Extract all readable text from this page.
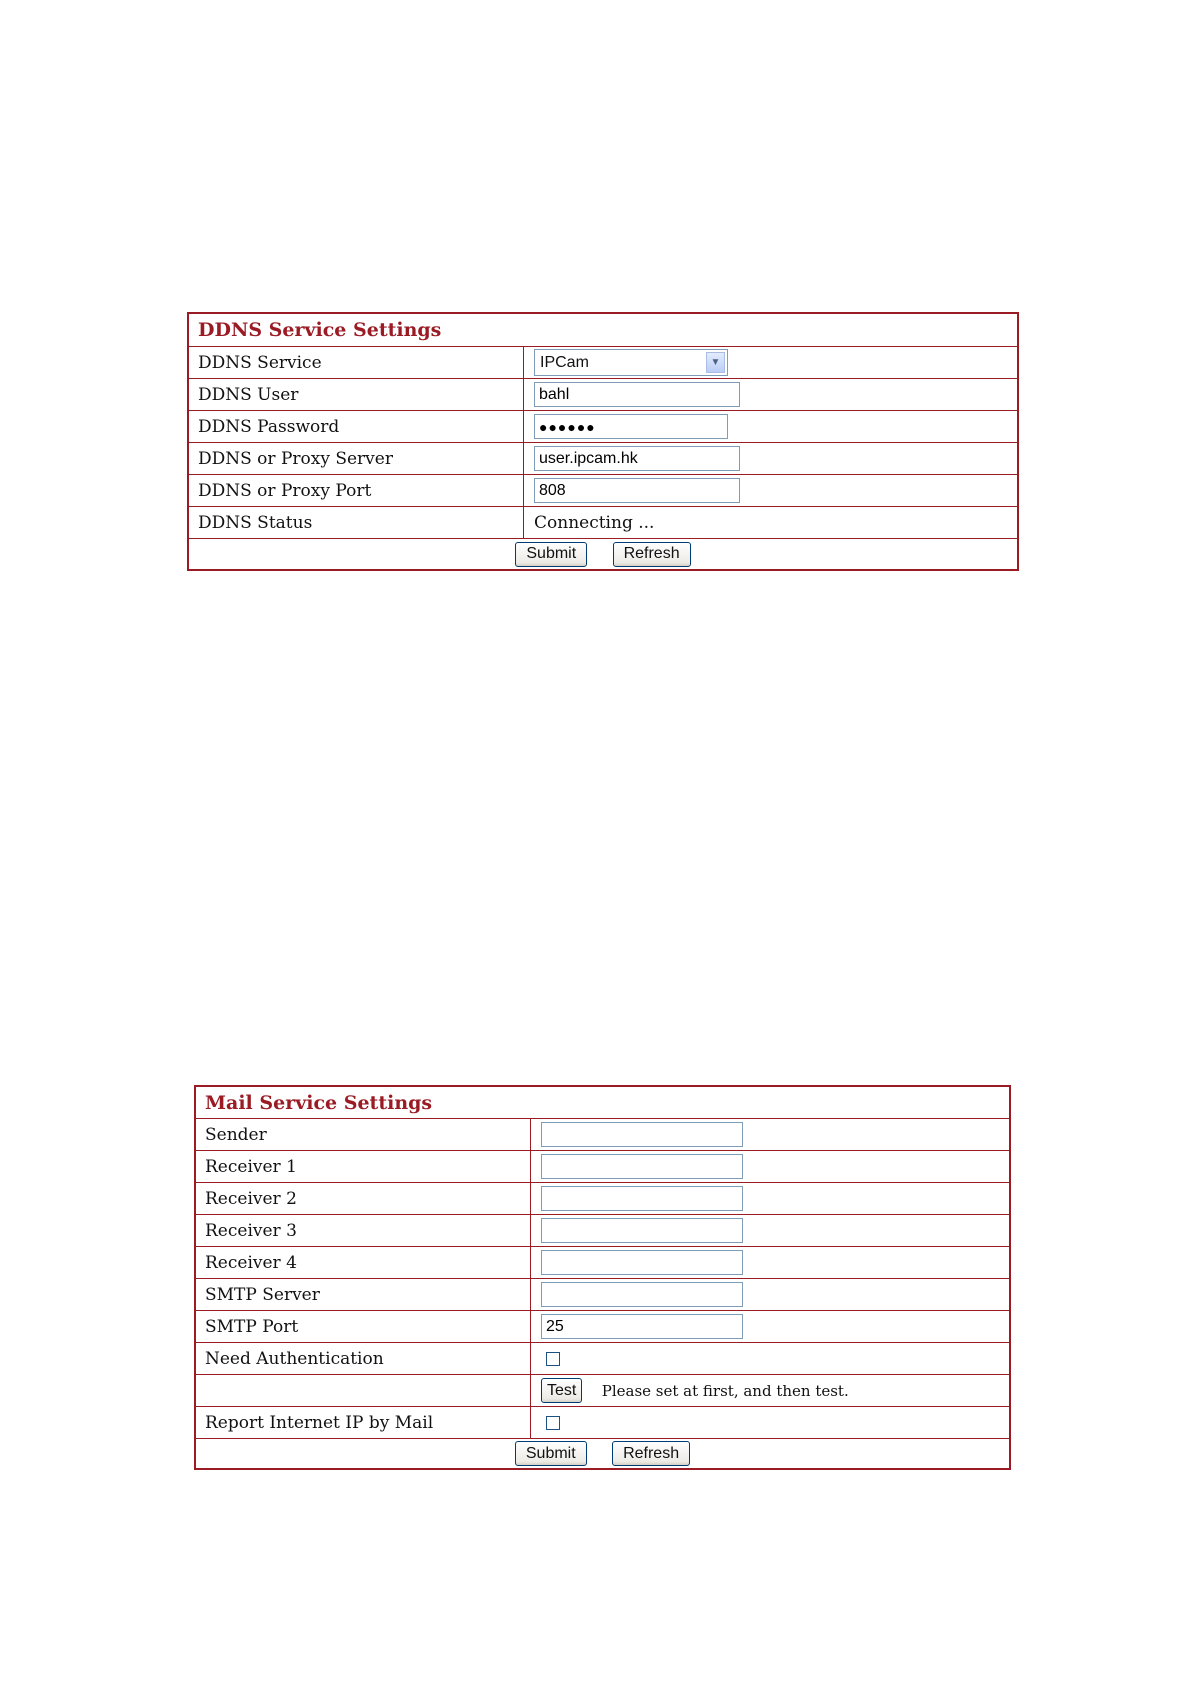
DDNS Service Settings	
DDNS Service	IPCam ▼

DDNS User	bahl
DDNS Password	●●●●●●
DDNS or Proxy Server	user.ipcam.hk
DDNS or Proxy Port	808
DDNS Status	Connecting ...
Submit Refresh	
Mail Service Settings	
Sender	
Receiver 1	
Receiver 2	
Receiver 3	
Receiver 4	
SMTP Server	
SMTP Port	25
Need Authentication	
	Test Please set at first, and then test.
Report Internet IP by Mail	
Submit Refresh	
